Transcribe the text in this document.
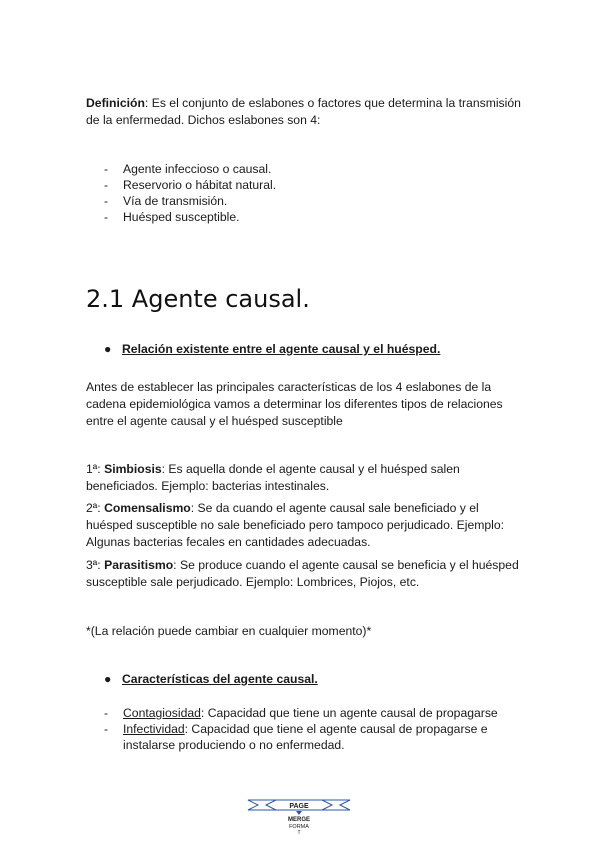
Definición: Es el conjunto de eslabones o factores que determina la transmisión de la enfermedad. Dichos eslabones son 4:
- Agente infeccioso o causal.
- Reservorio o hábitat natural.
- Vía de transmisión.
- Huésped susceptible.
2.1 Agente causal.
● Relación existente entre el agente causal y el huésped.
Antes de establecer las principales características de los 4 eslabones de la cadena epidemiológica vamos a determinar los diferentes tipos de relaciones entre el agente causal y el huésped susceptible
1ª: Simbiosis: Es aquella donde el agente causal y el huésped salen beneficiados. Ejemplo: bacterias intestinales.
2ª: Comensalismo: Se da cuando el agente causal sale beneficiado y el huésped susceptible no sale beneficiado pero tampoco perjudicado. Ejemplo: Algunas bacterias fecales en cantidades adecuadas.
3ª: Parasitismo: Se produce cuando el agente causal se beneficia y el huésped susceptible sale perjudicado. Ejemplo: Lombrices, Piojos, etc.
*(La relación puede cambiar en cualquier momento)*
● Características del agente causal.
- Contagiosidad: Capacidad que tiene un agente causal de propagarse
- Infectividad: Capacidad que tiene el agente causal de propagarse e instalarse produciendo o no enfermedad.
PAGE
MERGE
FORMA
T
